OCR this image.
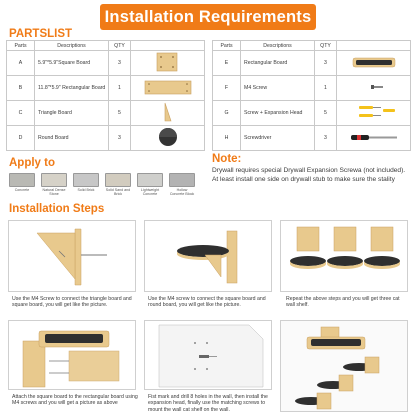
Installation Requirements
PARTSLIST
Parts	Descriptions	QTY	
A	5.9"*5.9"Square Board	3	
B	11.8"*5.9" Rectangular Board	1	
C	Triangle Board	5	
D	Round Board	3	
Parts	Descriptions	QTY	
E	Rectangular Board	3	
F	M4 Screw	1	
G	Screw + Expansion Head	5	
H	Screwdriver	3	
Apply to
Concrete	Natural Dense Stone
Solid Brick	Solid Sand and Brick
Lightweight Concrete
Hollow Concrete Block
Note:
Drywall requires special Drywall Expansion Screwa (not included). At least install one side on drywall stub to make sure the stality
Installation Steps
Use the M4 Screw to connect the triangle board and square board, you will get like the picture.
Use the M4 screw to connect the square board and round board, you will get like the picture.
Repeat the above steps and you will get three cat wall shelf.
Attach the square board to the rectangular board using M4 screws and you will get a picture as above
Fist mark and drill 8 holes in the wall, then install the expansion head, finally use the matching screws to mount the wall cat shelf on the wall.
